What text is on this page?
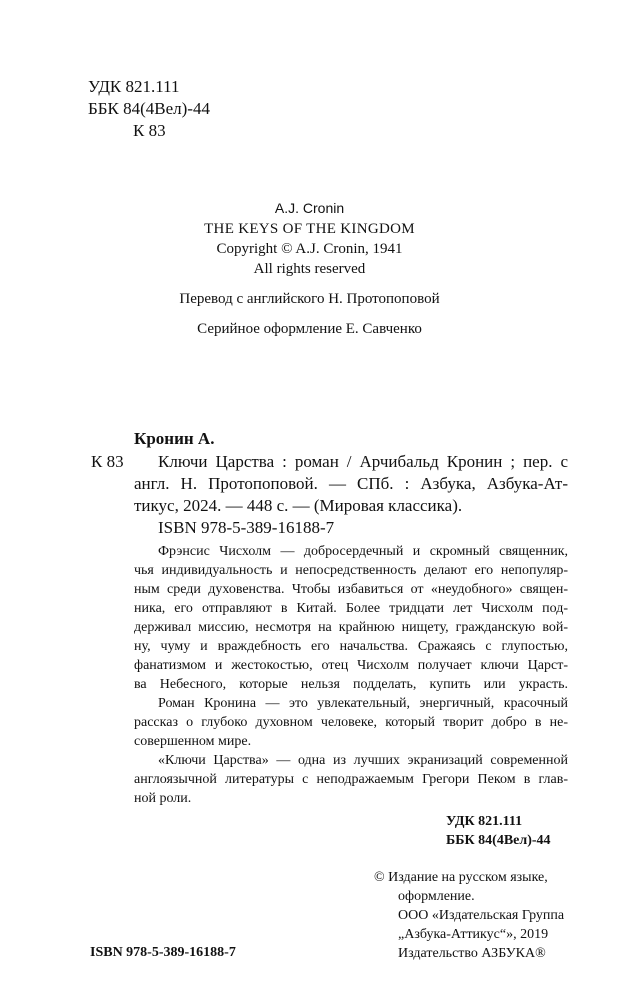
УДК 821.111
ББК 84(4Вел)-44
К 83
A.J. Cronin
THE KEYS OF THE KINGDOM
Copyright © A.J. Cronin, 1941
All rights reserved
Перевод с английского Н. Протопоповой
Серийное оформление Е. Савченко
Кронин А.
К 83 Ключи Царства : роман / Арчибальд Кронин ; пер. с
англ. Н. Протопоповой. — СПб. : Азбука, Азбука-Ат-
тикус, 2024. — 448 с. — (Мировая классика).
ISBN 978-5-389-16188-7
Фрэнсис Чисхолм — добросердечный и скромный священник,
чья индивидуальность и непосредственность делают его непопуляр-
ным среди духовенства. Чтобы избавиться от «неудобного» священ-
ника, его отправляют в Китай. Более тридцати лет Чисхолм под-
держивал миссию, несмотря на крайнюю нищету, гражданскую вой-
ну, чуму и враждебность его начальства. Сражаясь с глупостью,
фанатизмом и жестокостью, отец Чисхолм получает ключи Царст-
ва Небесного, которые нельзя подделать, купить или украсть.
Роман Кронина — это увлекательный, энергичный, красочный
рассказ о глубоко духовном человеке, который творит добро в не-
совершенном мире.
«Ключи Царства» — одна из лучших экранизаций современной
англоязычной литературы с неподражаемым Грегори Пеком в глав-
ной роли.
УДК 821.111
ББК 84(4Вел)-44
ISBN 978-5-389-16188-7
© Издание на русском языке,
оформление.
ООО «Издательская Группа
„Азбука-Аттикус“», 2019
Издательство АЗБУКА®
